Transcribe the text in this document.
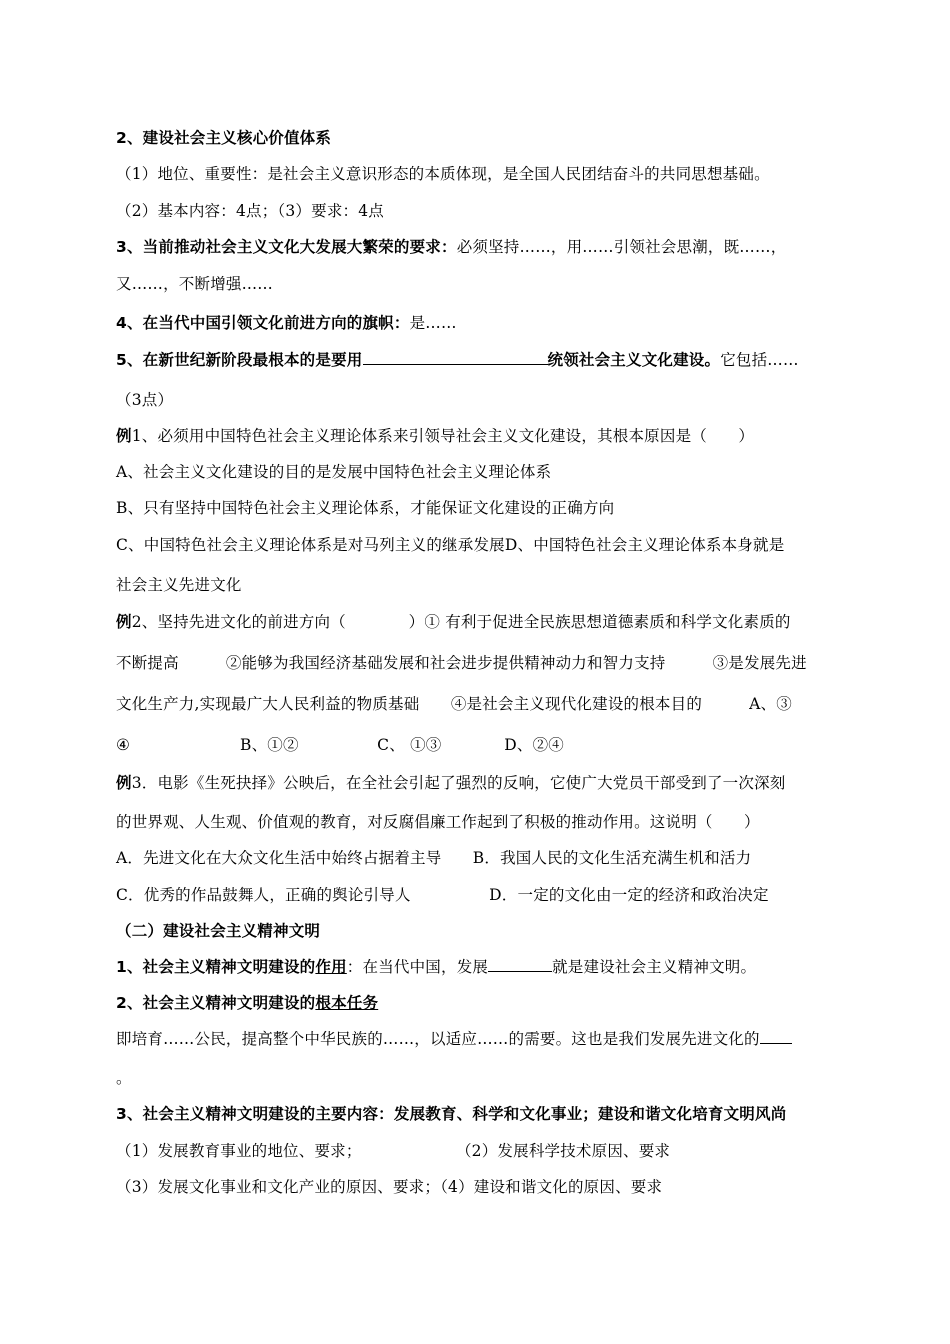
2、建设社会主义核心价值体系
（1）地位、重要性：是社会主义意识形态的本质体现，是全国人民团结奋斗的共同思想基础。
（2）基本内容：4点；（3）要求：4点
3、当前推动社会主义文化大发展大繁荣的要求：必须坚持……，用……引领社会思潮，既……，
又……，不断增强……
4、在当代中国引领文化前进方向的旗帜：是……
5、在新世纪新阶段最根本的是要用	统领社会主义文化建设。它包括……
（3点）
例1、必须用中国特色社会主义理论体系来引领导社会主义文化建设，其根本原因是（　　）
A、社会主义文化建设的目的是发展中国特色社会主义理论体系
B、只有坚持中国特色社会主义理论体系，才能保证文化建设的正确方向
C、中国特色社会主义理论体系是对马列主义的继承发展D、中国特色社会主义理论体系本身就是
社会主义先进文化
例2、坚持先进文化的前进方向（　　　　）① 有利于促进全民族思想道德素质和科学文化素质的
不断提高　　　②能够为我国经济基础发展和社会进步提供精神动力和智力支持　　　③是发展先进
文化生产力,实现最广大人民利益的物质基础　　④是社会主义现代化建设的根本目的　　　A、③
④　　　　　　　B、①②　　　　　C、 ①③　　　　D、②④
例3．电影《生死抉择》公映后，在全社会引起了强烈的反响，它使广大党员干部受到了一次深刻
的世界观、人生观、价值观的教育，对反腐倡廉工作起到了积极的推动作用。这说明（　　）
A．先进文化在大众文化生活中始终占据着主导　　B．我国人民的文化生活充满生机和活力
C．优秀的作品鼓舞人，正确的舆论引导人　　　　　D．一定的文化由一定的经济和政治决定
（二）建设社会主义精神文明
1、社会主义精神文明建设的作用：在当代中国，发展	就是建设社会主义精神文明。
2、社会主义精神文明建设的根本任务
即培育……公民，提高整个中华民族的……，以适应……的需要。这也是我们发展先进文化的
。
3、社会主义精神文明建设的主要内容：发展教育、科学和文化事业；建设和谐文化培育文明风尚
（1）发展教育事业的地位、要求；　　　　　　　（2）发展科学技术原因、要求
（3）发展文化事业和文化产业的原因、要求；（4）建设和谐文化的原因、要求
